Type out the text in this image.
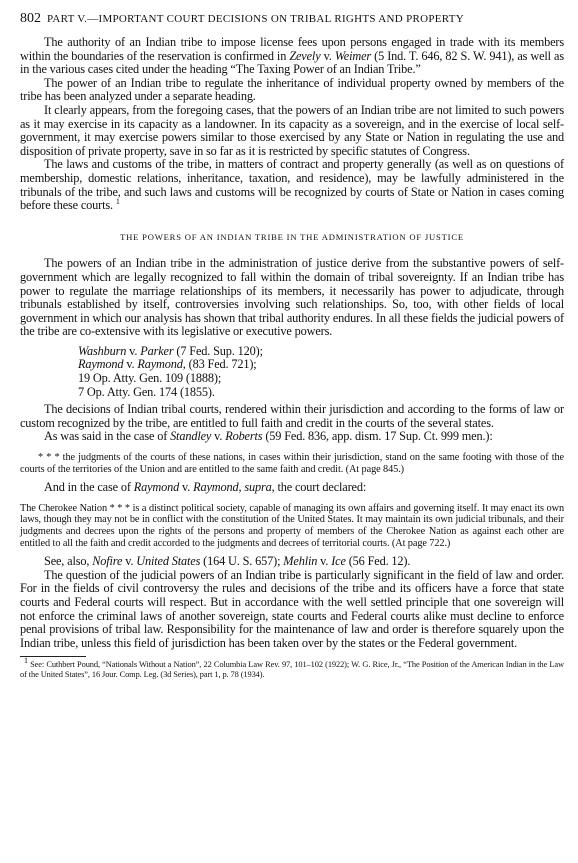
802 PART V.—IMPORTANT COURT DECISIONS ON TRIBAL RIGHTS AND PROPERTY

The authority of an Indian tribe to impose license fees upon persons engaged in trade with its members within the boundaries of the reservation is confirmed in Zevely v. Weimer (5 Ind. T. 646, 82 S. W. 941), as well as in the various cases cited under the heading “The Taxing Power of an Indian Tribe.”

The power of an Indian tribe to regulate the inheritance of individual property owned by members of the tribe has been analyzed under a separate heading.

It clearly appears, from the foregoing cases, that the powers of an Indian tribe are not limited to such powers as it may exercise in its capacity as a landowner. In its capacity as a sovereign, and in the exercise of local self-government, it may exercise powers similar to those exercised by any State or Nation in regulating the use and disposition of private property, save in so far as it is restricted by specific statutes of Congress.

The laws and customs of the tribe, in matters of contract and property generally (as well as on questions of membership, domestic relations, inheritance, taxation, and residence), may be lawfully administered in the tribunals of the tribe, and such laws and customs will be recognized by courts of State or Nation in cases coming before these courts. $^1$

THE POWERS OF AN INDIAN TRIBE IN THE ADMINISTRATION OF JUSTICE

The powers of an Indian tribe in the administration of justice derive from the substantive powers of self-government which are legally recognized to fall within the domain of tribal sovereignty. If an Indian tribe has power to regulate the marriage relationships of its members, it necessarily has power to adjudicate, through tribunals established by itself, controversies involving such relationships. So, too, with other fields of local government in which our analysis has shown that tribal authority endures. In all these fields the judicial powers of the tribe are co-extensive with its legislative or executive powers.

Washburn v. Parker (7 Fed. Sup. 120);
Raymond v. Raymond, (83 Fed. 721);
19 Op. Atty. Gen. 109 (1888);
7 Op. Atty. Gen. 174 (1855).

The decisions of Indian tribal courts, rendered within their jurisdiction and according to the forms of law or custom recognized by the tribe, are entitled to full faith and credit in the courts of the several states.

As was said in the case of Standley v. Roberts (59 Fed. 836, app. dism. 17 Sup. Ct. 999 men.):

* * * the judgments of the courts of these nations, in cases within their jurisdiction, stand on the same footing with those of the courts of the territories of the Union and are entitled to the same faith and credit. (At page 845.)

And in the case of Raymond v. Raymond, supra, the court declared:

The Cherokee Nation * * * is a distinct political society, capable of managing its own affairs and governing itself. It may enact its own laws, though they may not be in conflict with the constitution of the United States. It may maintain its own judicial tribunals, and their judgments and decrees upon the rights of the persons and property of members of the Cherokee Nation as against each other are entitled to all the faith and credit accorded to the judgments and decrees of territorial courts. (At page 722.)

See, also, Nofire v. United States (164 U. S. 657); Mehlin v. Ice (56 Fed. 12).

The question of the judicial powers of an Indian tribe is particularly significant in the field of law and order. For in the fields of civil controversy the rules and decisions of the tribe and its officers have a force that state courts and Federal courts will respect. But in accordance with the well settled principle that one sovereign will not enforce the criminal laws of another sovereign, state courts and Federal courts alike must decline to enforce penal provisions of tribal law. Responsibility for the maintenance of law and order is therefore squarely upon the Indian tribe, unless this field of jurisdiction has been taken over by the states or the Federal government.

$^1$ See: Cuthbert Pound, “Nationals Without a Nation”, 22 Columbia Law Rev. 97, 101–102 (1922); W. G. Rice, Jr., “The Position of the American Indian in the Law of the United States”, 16 Jour. Comp. Leg. (3d Series), part 1, p. 78 (1934).
